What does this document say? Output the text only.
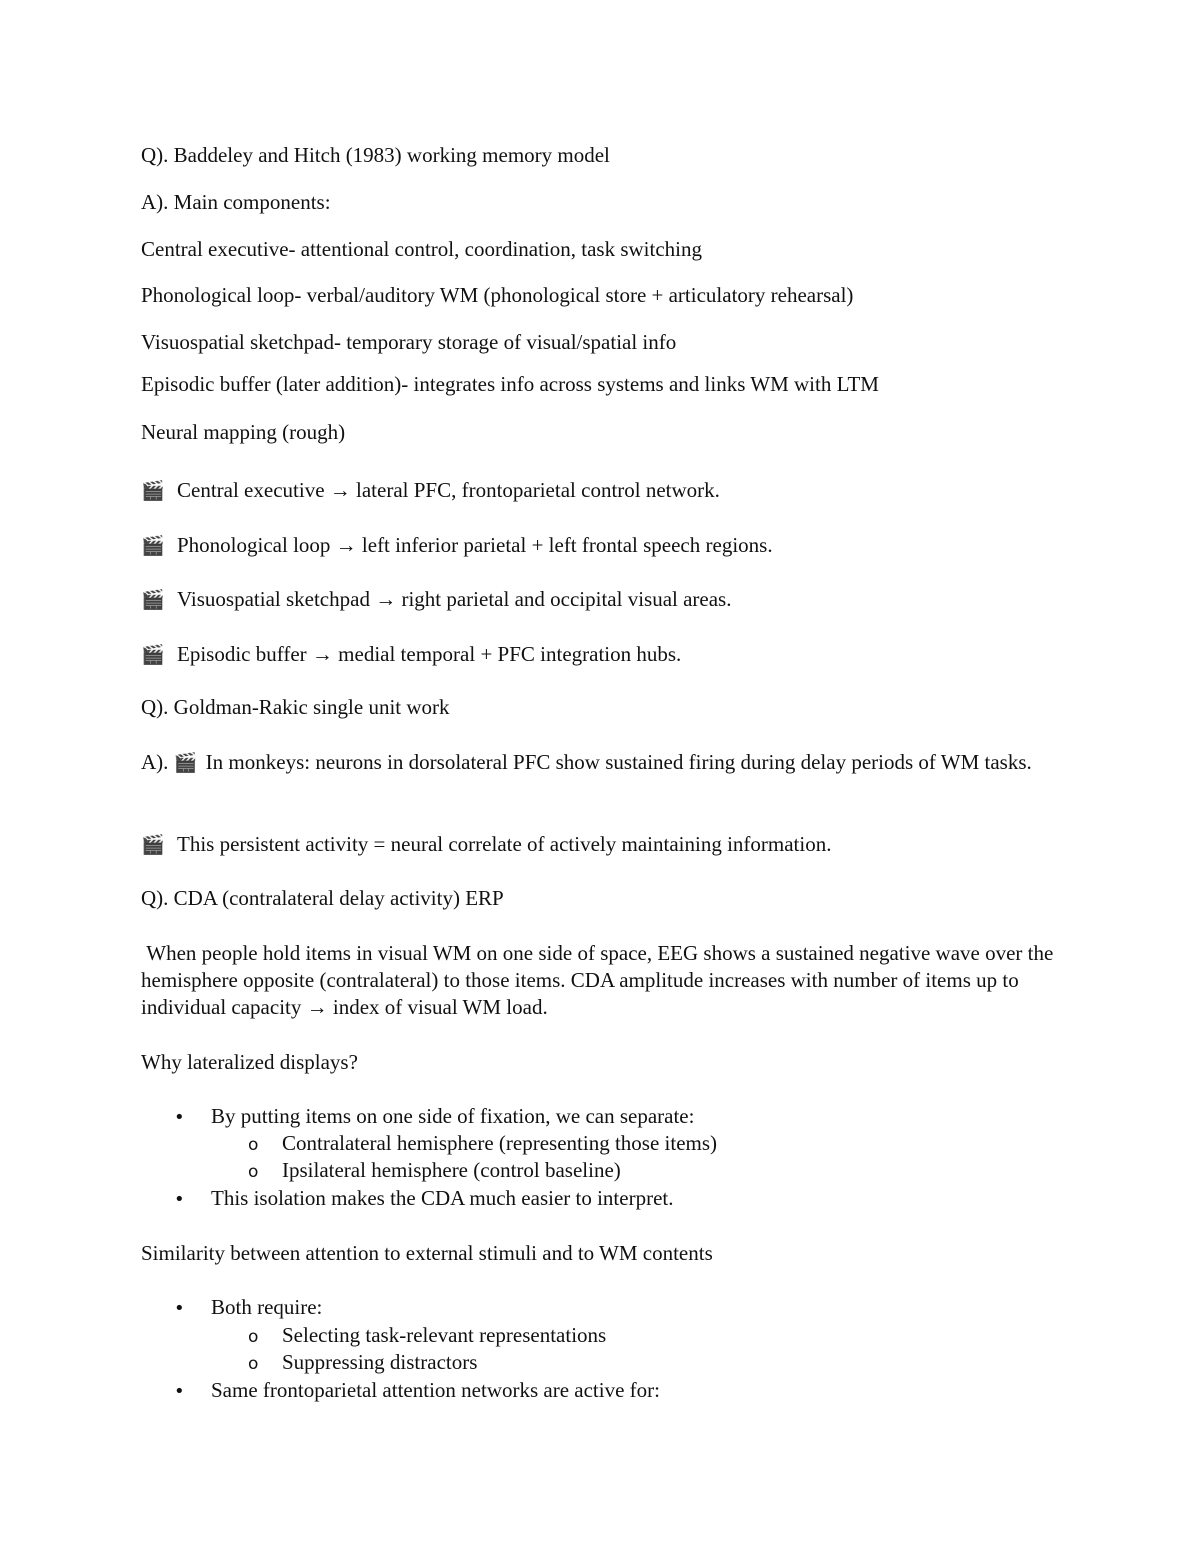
Q). Baddeley and Hitch (1983) working memory model
A). Main components:
Central executive- attentional control, coordination, task switching
Phonological loop- verbal/auditory WM (phonological store + articulatory rehearsal)
Visuospatial sketchpad- temporary storage of visual/spatial info
Episodic buffer (later addition)- integrates info across systems and links WM with LTM
Neural mapping (rough)
🎬 Central executive → lateral PFC, frontoparietal control network.
🎬 Phonological loop → left inferior parietal + left frontal speech regions.
🎬 Visuospatial sketchpad → right parietal and occipital visual areas.
🎬 Episodic buffer → medial temporal + PFC integration hubs.
Q). Goldman-Rakic single unit work
A). 🎬 In monkeys: neurons in dorsolateral PFC show sustained firing during delay periods of WM tasks.
🎬 This persistent activity = neural correlate of actively maintaining information.
Q). CDA (contralateral delay activity) ERP
When people hold items in visual WM on one side of space, EEG shows a sustained negative wave over the hemisphere opposite (contralateral) to those items. CDA amplitude increases with number of items up to individual capacity → index of visual WM load.
Why lateralized displays?
• By putting items on one side of fixation, we can separate:
o Contralateral hemisphere (representing those items)
o Ipsilateral hemisphere (control baseline)
• This isolation makes the CDA much easier to interpret.
Similarity between attention to external stimuli and to WM contents
• Both require:
o Selecting task-relevant representations
o Suppressing distractors
• Same frontoparietal attention networks are active for:
